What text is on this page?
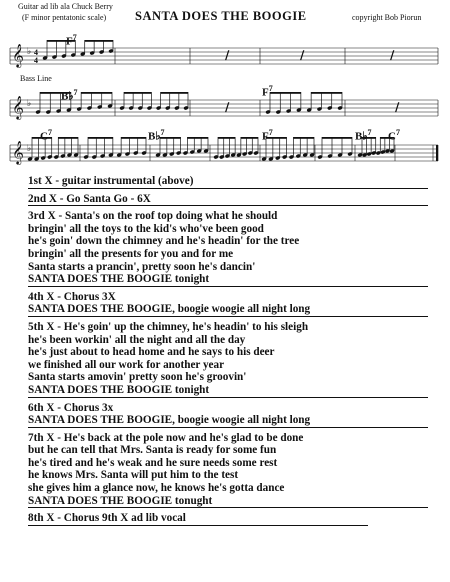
Guitar ad lib ala Chuck Berry
(F minor pentatonic scale) SANTA DOES THE BOOGIE	copyright Bob Piorun
𝄞 ♭ 4
4
𝄞 ♭
𝄞 ♭
∕	∕	∕
∕	∕
Bass Line
$F^7$
B♭$^7$	$F^7$
$C^7$	B♭$^7$	$F^7$	B♭$^7$ $C^7$
1st X - guitar instrumental (above)
2nd X - Go Santa Go - 6X
3rd X - Santa's on the roof top doing what he should
bringin' all the toys to the kid's who've been good
he's goin' down the chimney and he's headin' for the tree
bringin' all the presents for you and for me
Santa starts a prancin', pretty soon he's dancin'
SANTA DOES THE BOOGIE tonight
4th X - Chorus 3X
SANTA DOES THE BOOGIE, boogie woogie all night long
5th X - He's goin' up the chimney, he's headin' to his sleigh
he's been workin' all the night and all the day
he's just about to head home and he says to his deer
we finished all our work for another year
Santa starts amovin' pretty soon he's groovin'
SANTA DOES THE BOOGIE tonight
6th X - Chorus 3x
SANTA DOES THE BOOGIE, boogie woogie all night long
7th X - He's back at the pole now and he's glad to be done
but he can tell that Mrs. Santa is ready for some fun
he's tired and he's weak and he sure needs some rest
he knows Mrs. Santa will put him to the test
she gives him a glance now, he knows he's gotta dance
SANTA DOES THE BOOGIE tonught
8th X - Chorus 9th X ad lib vocal
